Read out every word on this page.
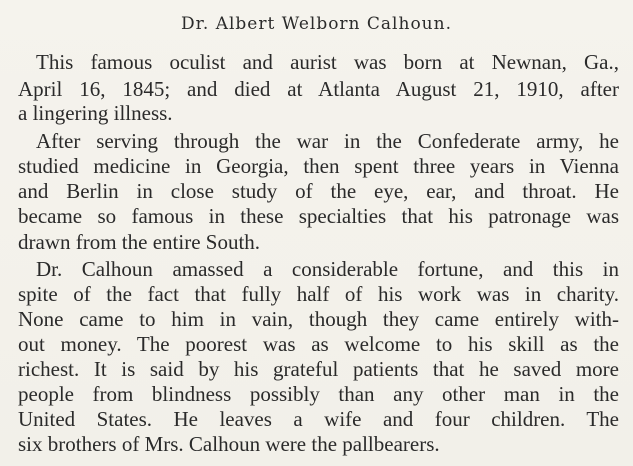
Dr. Albert Welborn Calhoun.
This famous oculist and aurist was born at Newnan, Ga.,
April 16, 1845; and died at Atlanta August 21, 1910, after
a lingering illness.
After serving through the war in the Confederate army, he
studied medicine in Georgia, then spent three years in Vienna
and Berlin in close study of the eye, ear, and throat. He
became so famous in these specialties that his patronage was
drawn from the entire South.
Dr. Calhoun amassed a considerable fortune, and this in
spite of the fact that fully half of his work was in charity.
None came to him in vain, though they came entirely with-
out money. The poorest was as welcome to his skill as the
richest. It is said by his grateful patients that he saved more
people from blindness possibly than any other man in the
United States. He leaves a wife and four children. The
six brothers of Mrs. Calhoun were the pallbearers.
